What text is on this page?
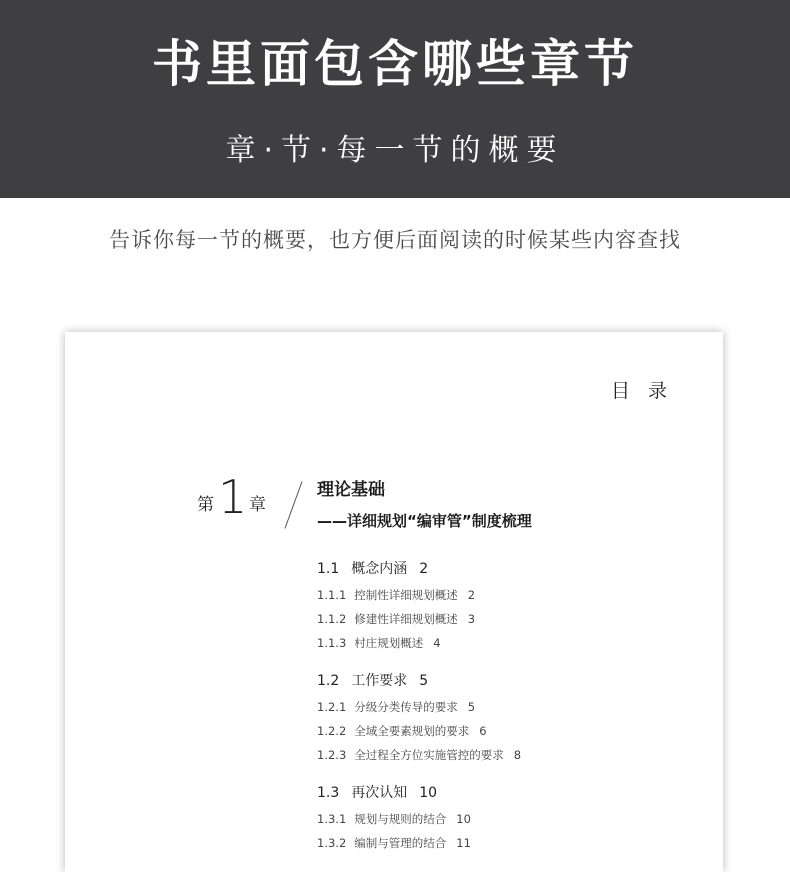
书里面包含哪些章节
章·节·每一节的概要
告诉你每一节的概要，也方便后面阅读的时候某些内容查找
目 录
第 1 章
理论基础
——详细规划“编审管”制度梳理
1.1 概念内涵 2
1.1.1 控制性详细规划概述 2
1.1.2 修建性详细规划概述 3
1.1.3 村庄规划概述 4
1.2 工作要求 5
1.2.1 分级分类传导的要求 5
1.2.2 全域全要素规划的要求 6
1.2.3 全过程全方位实施管控的要求 8
1.3 再次认知 10
1.3.1 规划与规则的结合 10
1.3.2 编制与管理的结合 11
